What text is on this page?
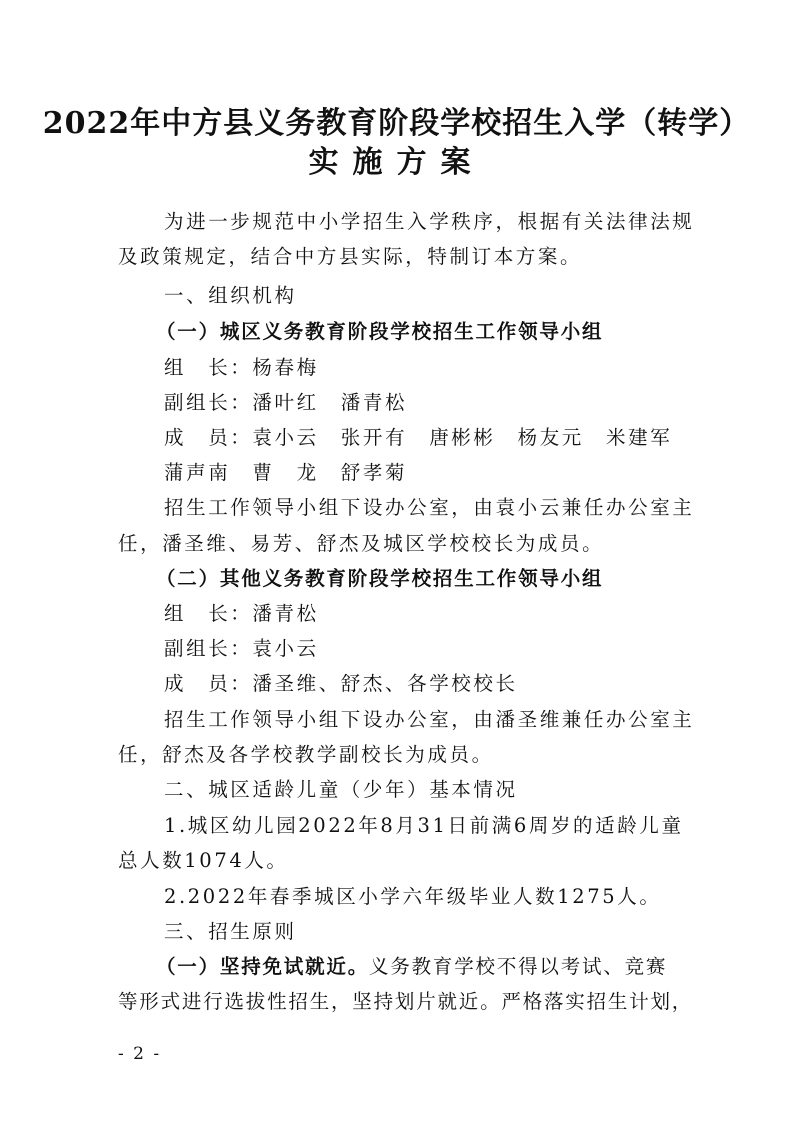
2022年中方县义务教育阶段学校招生入学（转学）
实施方案

为进一步规范中小学招生入学秩序，根据有关法律法规

及政策规定，结合中方县实际，特制订本方案。

一、组织机构

（一）城区义务教育阶段学校招生工作领导小组

组　长：杨春梅

副组长：潘叶红　潘青松

成　员：袁小云　张开有　唐彬彬　杨友元　米建军

蒲声南　曹　龙　舒孝菊

招生工作领导小组下设办公室，由袁小云兼任办公室主

任，潘圣维、易芳、舒杰及城区学校校长为成员。

（二）其他义务教育阶段学校招生工作领导小组

组　长：潘青松

副组长：袁小云

成　员：潘圣维、舒杰、各学校校长

招生工作领导小组下设办公室，由潘圣维兼任办公室主

任，舒杰及各学校教学副校长为成员。

二、城区适龄儿童（少年）基本情况

1.城区幼儿园2022年8月31日前满6周岁的适龄儿童

总人数1074人。

2.2022年春季城区小学六年级毕业人数1275人。

三、招生原则

（一）坚持免试就近。义务教育学校不得以考试、竞赛

等形式进行选拔性招生，坚持划片就近。严格落实招生计划，

- 2 -
